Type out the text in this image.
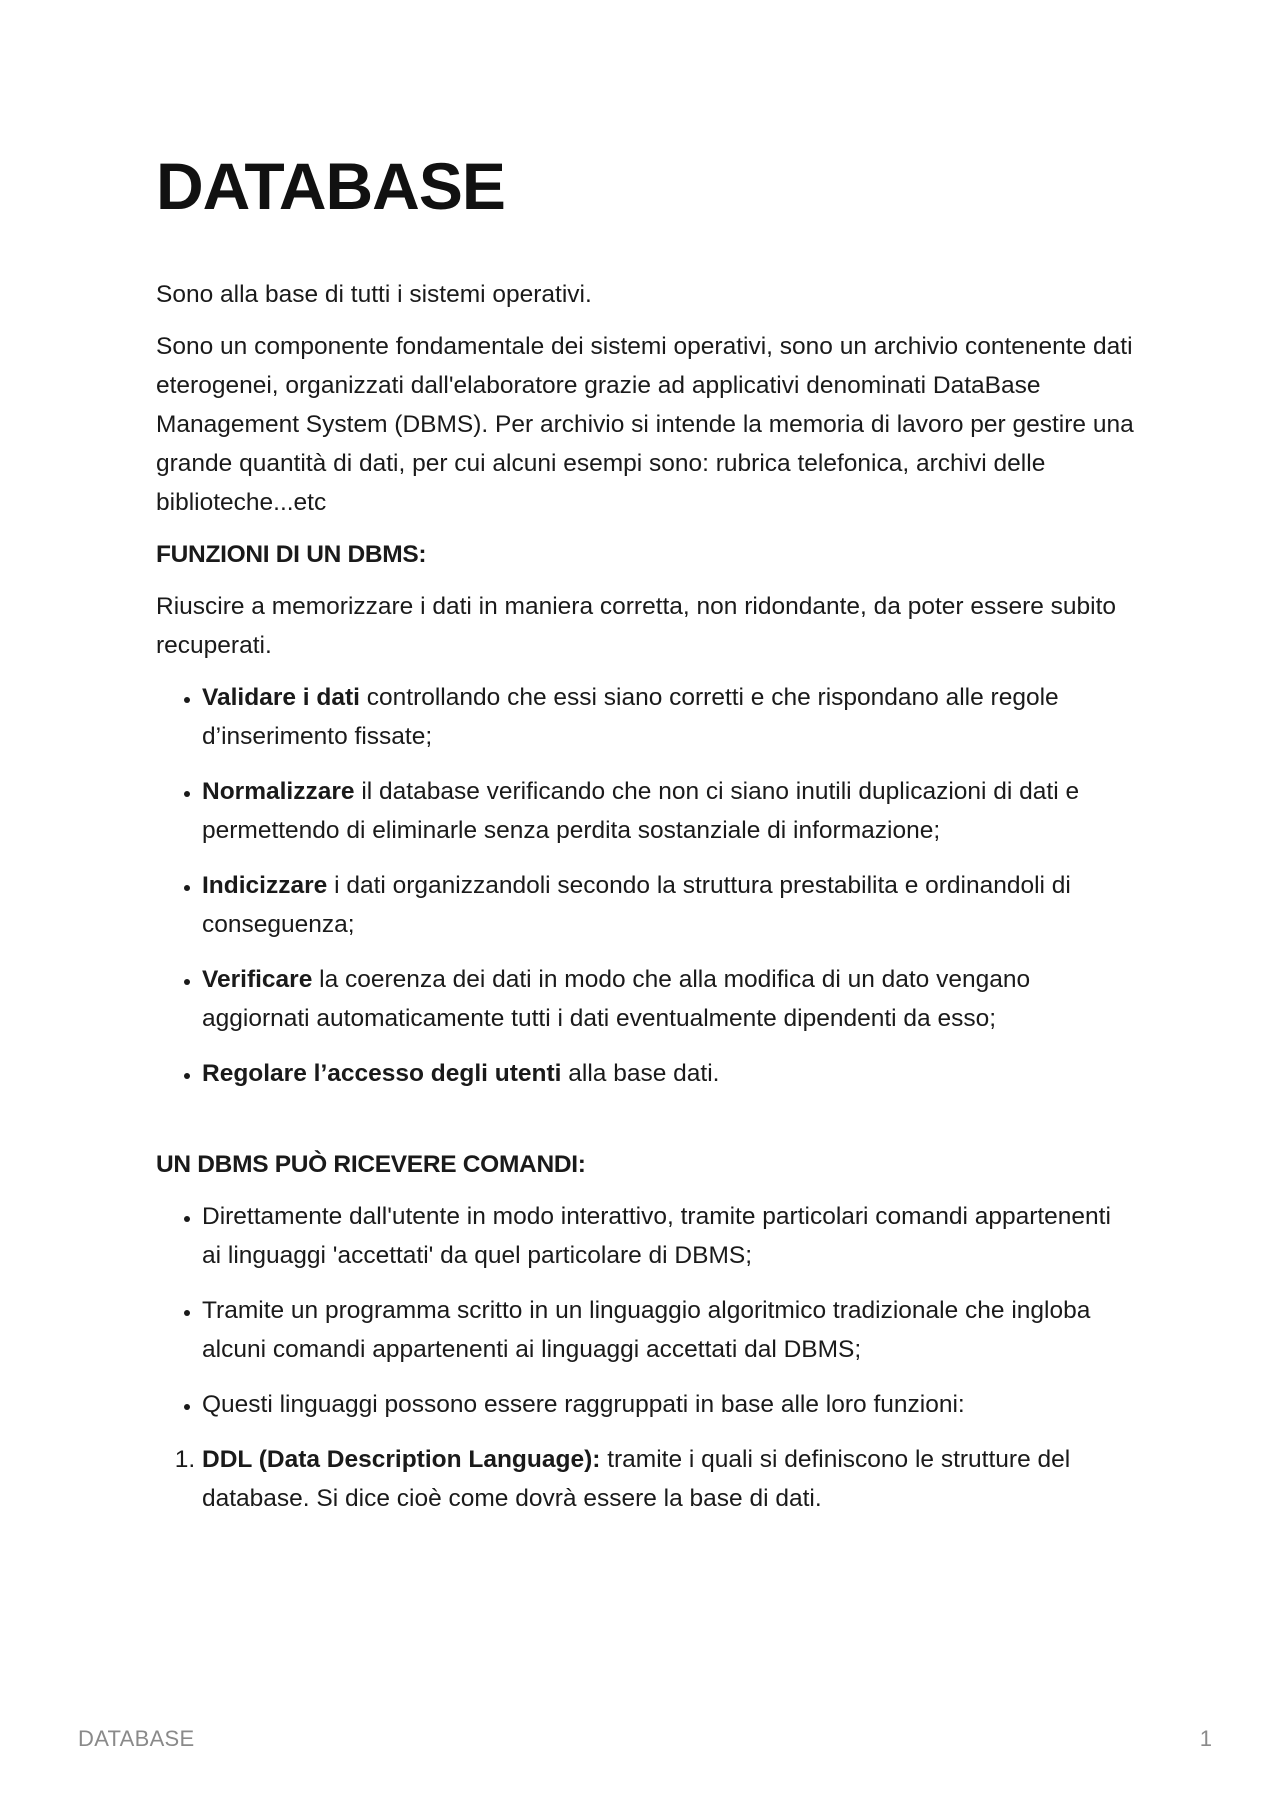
DATABASE

Sono alla base di tutti i sistemi operativi.

Sono un componente fondamentale dei sistemi operativi, sono un archivio contenente dati eterogenei, organizzati dall'elaboratore grazie ad applicativi denominati DataBase Management System (DBMS). Per archivio si intende la memoria di lavoro per gestire una grande quantità di dati, per cui alcuni esempi sono: rubrica telefonica, archivi delle biblioteche...etc

FUNZIONI DI UN DBMS:

Riuscire a memorizzare i dati in maniera corretta, non ridondante, da poter essere subito recuperati.

• Validare i dati controllando che essi siano corretti e che rispondano alle regole
d’inserimento fissate;
• Normalizzare il database verificando che non ci siano inutili duplicazioni di dati e permettendo di eliminarle senza perdita sostanziale di informazione;
• Indicizzare i dati organizzandoli secondo la struttura prestabilita e ordinandoli di
conseguenza;
• Verificare la coerenza dei dati in modo che alla modifica di un dato vengano
aggiornati automaticamente tutti i dati eventualmente dipendenti da esso;
• Regolare l’accesso degli utenti alla base dati.
UN DBMS PUÒ RICEVERE COMANDI:
• Direttamente dall'utente in modo interattivo, tramite particolari comandi appartenenti ai linguaggi 'accettati' da quel particolare di DBMS;
• Tramite un programma scritto in un linguaggio algoritmico tradizionale che ingloba alcuni comandi appartenenti ai linguaggi accettati dal DBMS;
• Questi linguaggi possono essere raggruppati in base alle loro funzioni:
1. DDL (Data Description Language): tramite i quali si definiscono le strutture del database. Si dice cioè come dovrà essere la base di dati.
DATABASE	1
